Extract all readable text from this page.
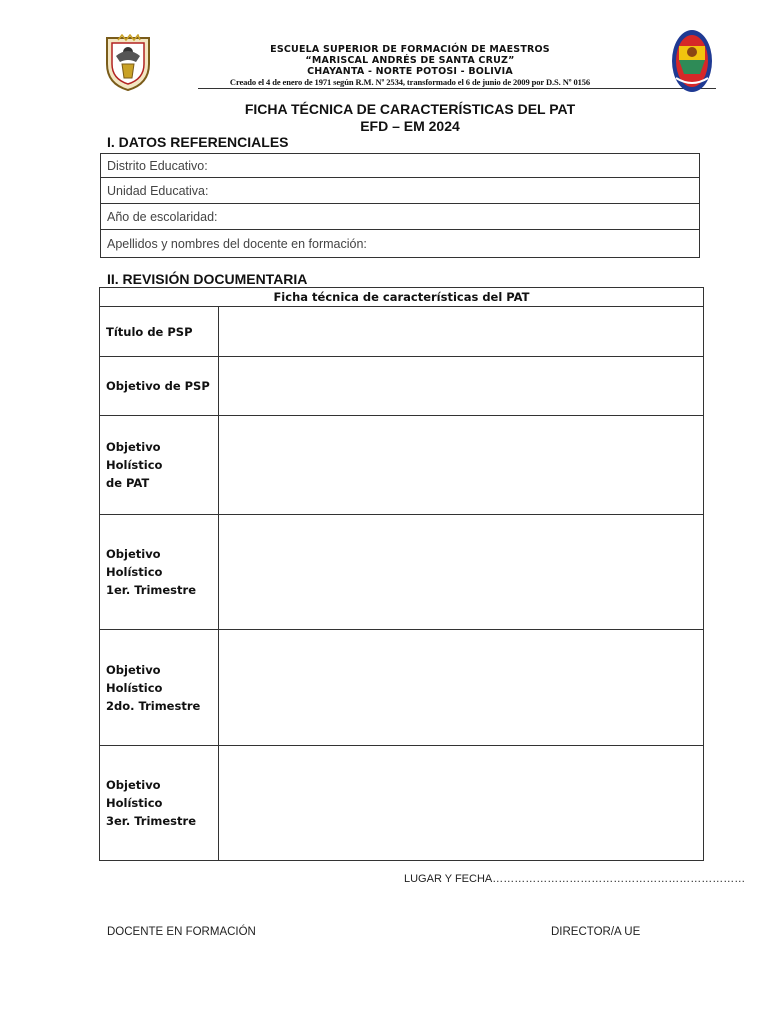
ESCUELA SUPERIOR DE FORMACIÓN DE MAESTROS
“MARISCAL ANDRÉS DE SANTA CRUZ”
CHAYANTA - NORTE POTOSI - BOLIVIA
Creado el 4 de enero de 1971 según R.M. Nº 2534, transformado el 6 de junio de 2009 por D.S. Nº 0156
FICHA TÉCNICA DE CARACTERÍSTICAS DEL PAT
EFD – EM 2024
I. DATOS REFERENCIALES
Distrito Educativo:
Unidad Educativa:
Año de escolaridad:
Apellidos y nombres del docente en formación:
II. REVISIÓN DOCUMENTARIA
Ficha técnica de características del PAT	

Título de PSP	

Objetivo de PSP	

Objetivo Holístico
de PAT	

Objetivo Holístico
1er. Trimestre	

Objetivo Holístico
2do. Trimestre	

Objetivo Holístico
3er. Trimestre	

LUGAR Y FECHA……………………………………………………………
DOCENTE EN FORMACIÓN	DIRECTOR/A UE
